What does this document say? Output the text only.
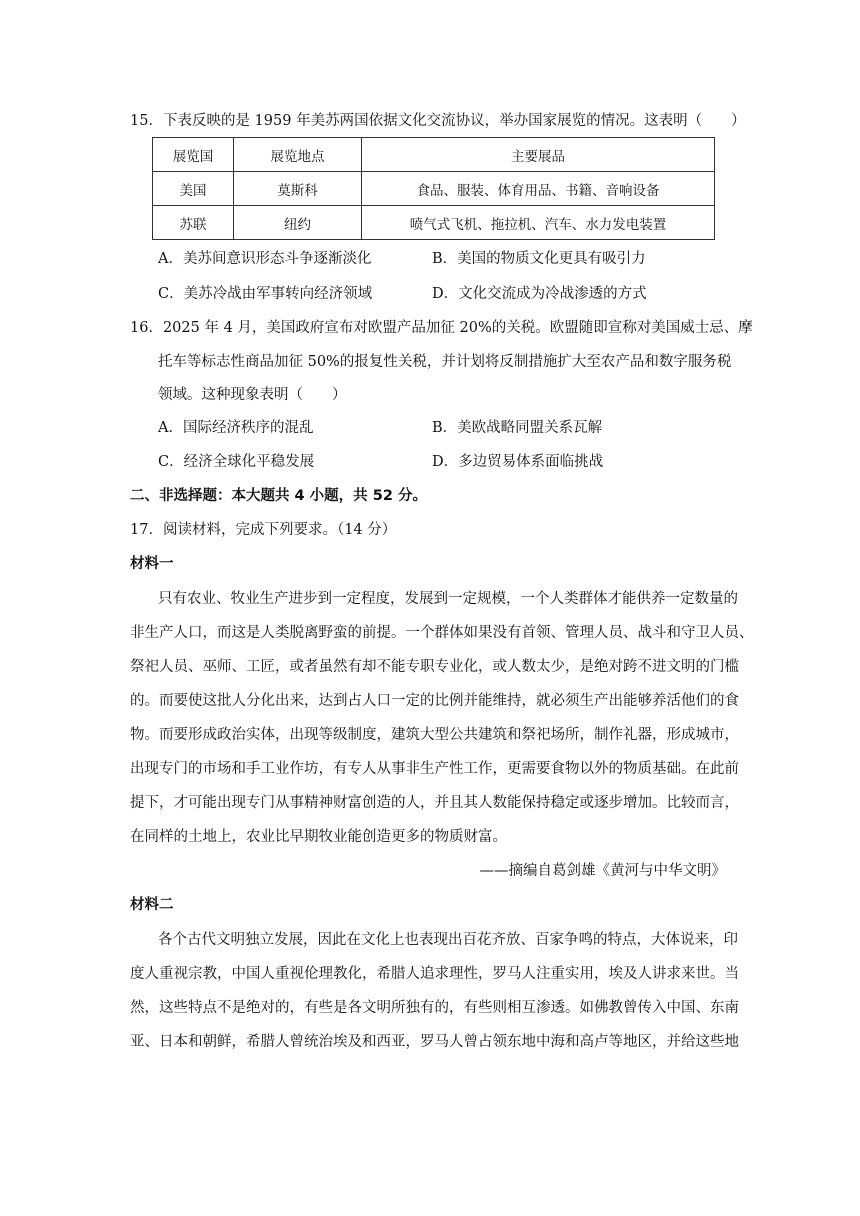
15．下表反映的是 1959 年美苏两国依据文化交流协议，举办国家展览的情况。这表明（　　）
展览国	展览地点	主要展品
美国	莫斯科	食品、服装、体育用品、书籍、音响设备
苏联	纽约	喷气式飞机、拖拉机、汽车、水力发电装置
A．美苏间意识形态斗争逐渐淡化	B．美国的物质文化更具有吸引力
C．美苏冷战由军事转向经济领域	D．文化交流成为冷战渗透的方式
16．2025 年 4 月，美国政府宣布对欧盟产品加征 20%的关税。欧盟随即宣称对美国威士忌、摩
托车等标志性商品加征 50%的报复性关税，并计划将反制措施扩大至农产品和数字服务税
领域。这种现象表明（　　）
A．国际经济秩序的混乱	B．美欧战略同盟关系瓦解
C．经济全球化平稳发展	D．多边贸易体系面临挑战
二、非选择题：本大题共 4 小题，共 52 分。
17．阅读材料，完成下列要求。（14 分）
材料一
只有农业、牧业生产进步到一定程度，发展到一定规模，一个人类群体才能供养一定数量的
非生产人口，而这是人类脱离野蛮的前提。一个群体如果没有首领、管理人员、战斗和守卫人员、
祭祀人员、巫师、工匠，或者虽然有却不能专职专业化，或人数太少，是绝对跨不进文明的门槛
的。而要使这批人分化出来，达到占人口一定的比例并能维持，就必须生产出能够养活他们的食
物。而要形成政治实体，出现等级制度，建筑大型公共建筑和祭祀场所，制作礼器，形成城市，
出现专门的市场和手工业作坊，有专人从事非生产性工作，更需要食物以外的物质基础。在此前
提下，才可能出现专门从事精神财富创造的人，并且其人数能保持稳定或逐步增加。比较而言，
在同样的土地上，农业比早期牧业能创造更多的物质财富。
——摘编自葛剑雄《黄河与中华文明》
材料二
各个古代文明独立发展，因此在文化上也表现出百花齐放、百家争鸣的特点，大体说来，印
度人重视宗教，中国人重视伦理教化，希腊人追求理性，罗马人注重实用，埃及人讲求来世。当
然，这些特点不是绝对的，有些是各文明所独有的，有些则相互渗透。如佛教曾传入中国、东南
亚、日本和朝鲜，希腊人曾统治埃及和西亚，罗马人曾占领东地中海和高卢等地区，并给这些地
